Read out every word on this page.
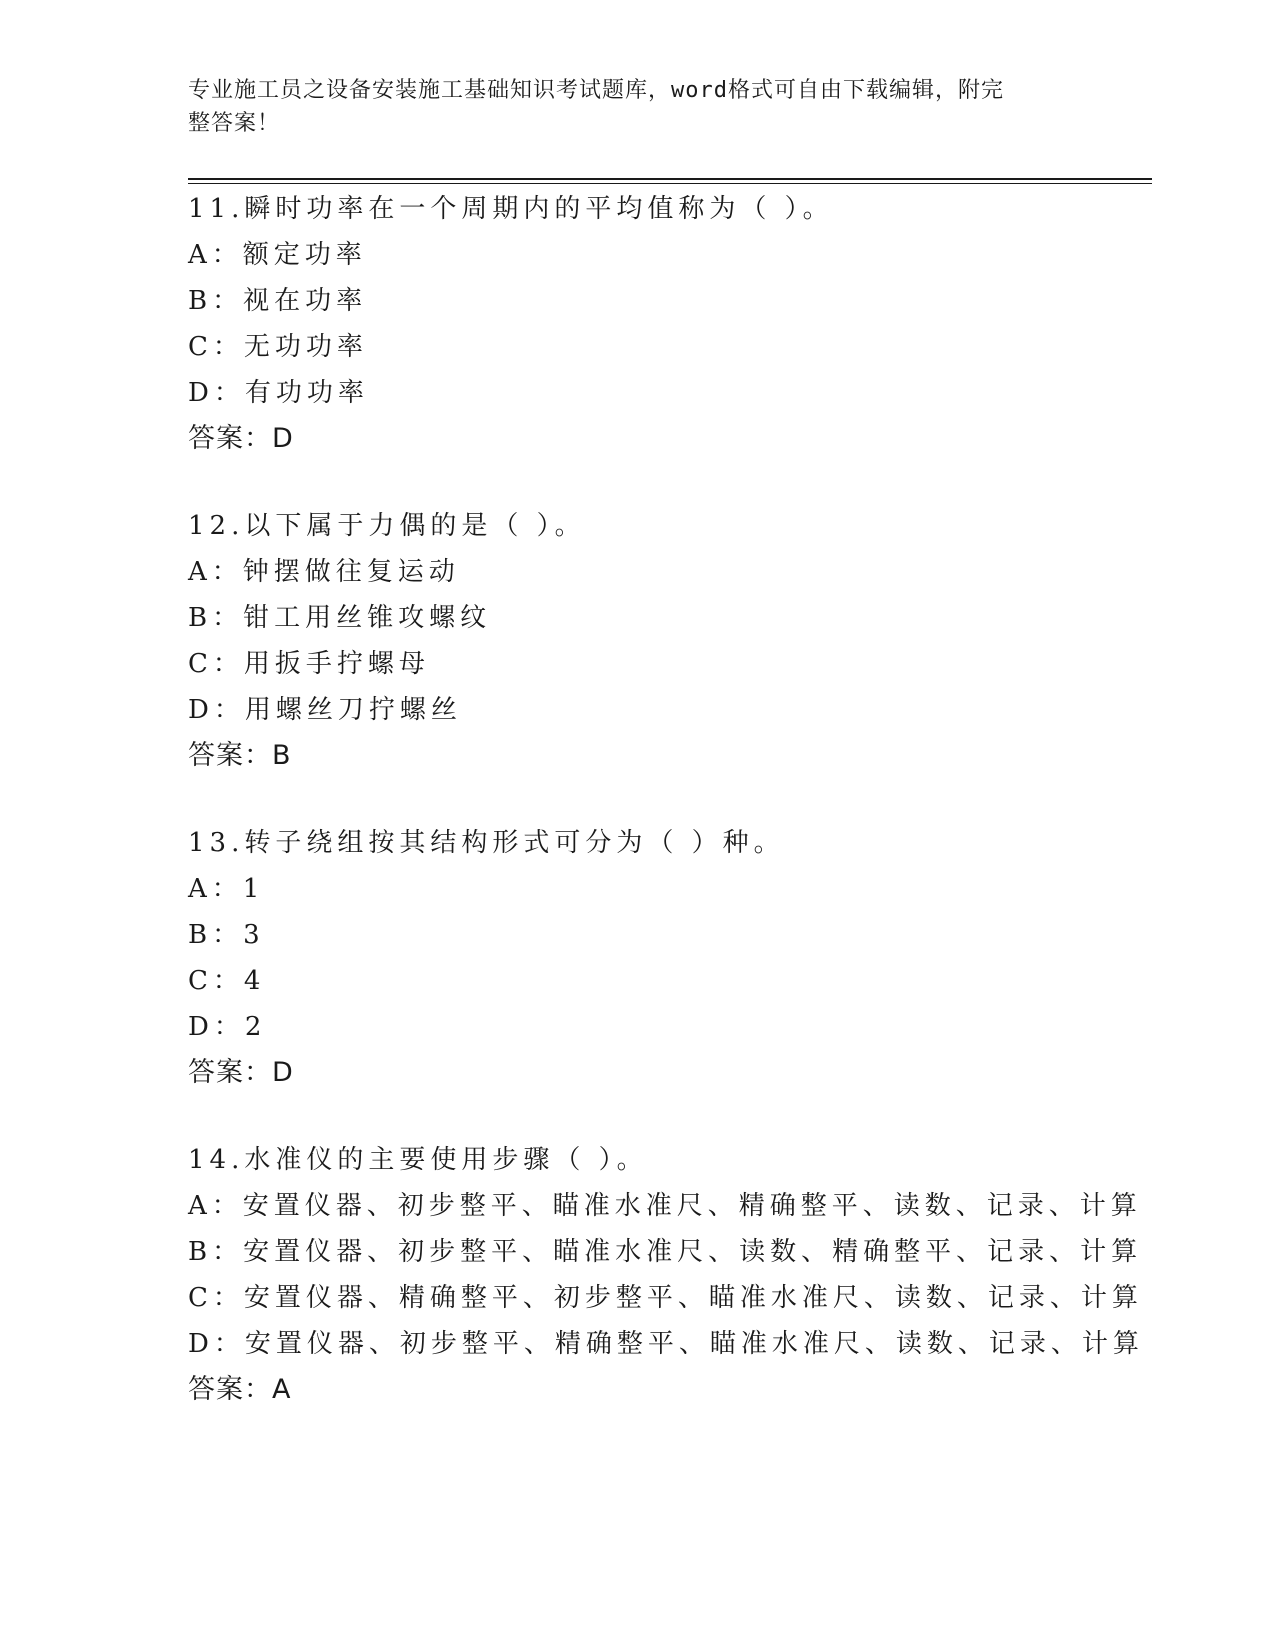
专业施工员之设备安装施工基础知识考试题库，word格式可自由下载编辑，附完
整答案！
11.瞬时功率在一个周期内的平均值称为（ ）。
A：额定功率
B：视在功率
C：无功功率
D：有功功率
答案：D
12.以下属于力偶的是（ ）。
A：钟摆做往复运动
B：钳工用丝锥攻螺纹
C：用扳手拧螺母
D：用螺丝刀拧螺丝
答案：B
13.转子绕组按其结构形式可分为（ ）种。
A：1
B：3
C：4
D：2
答案：D
14.水准仪的主要使用步骤（ ）。
A：安置仪器、初步整平、瞄准水准尺、精确整平、读数、记录、计算
B：安置仪器、初步整平、瞄准水准尺、读数、精确整平、记录、计算
C：安置仪器、精确整平、初步整平、瞄准水准尺、读数、记录、计算
D：安置仪器、初步整平、精确整平、瞄准水准尺、读数、记录、计算
答案：A
